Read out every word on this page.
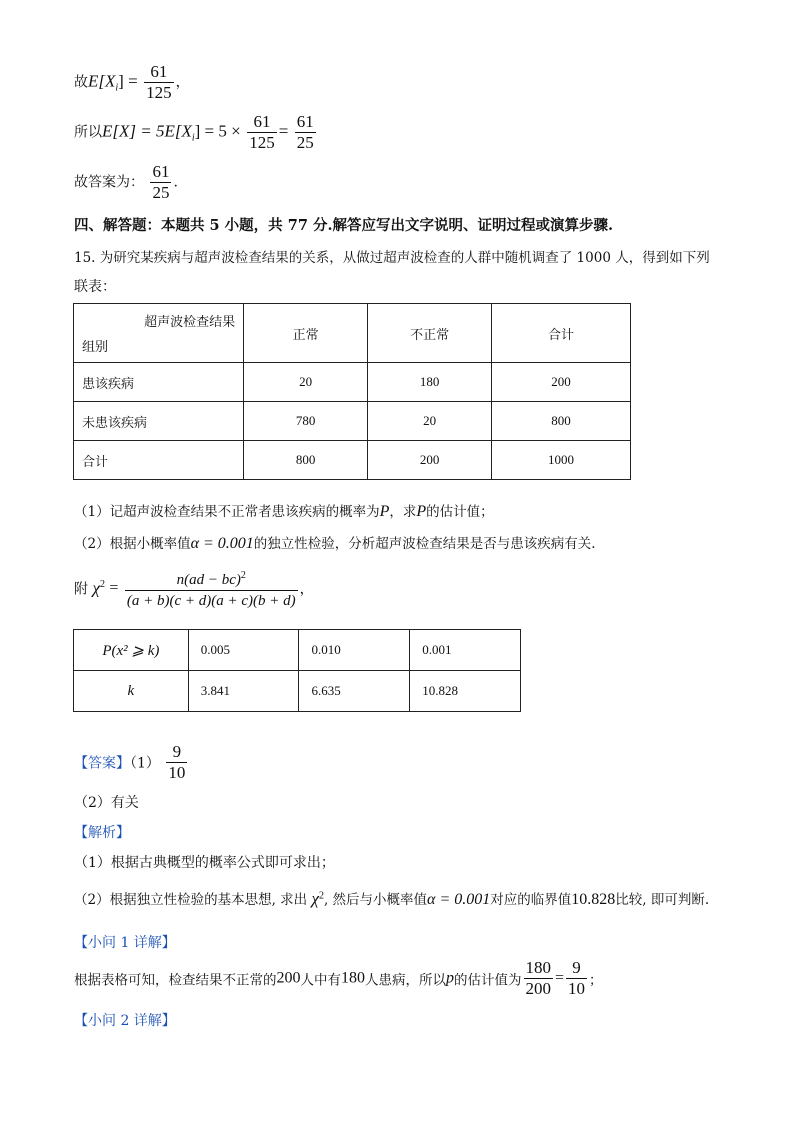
故$E[X_i] = \frac{61}{125}$ ，
所以$E[X] = 5E[X_i] = 5 \times \frac{61}{125} = \frac{61}{25}$
故答案为： $\frac{61}{25}$ .
四、解答题：本题共 5 小题，共 77 分.解答应写出文字说明、证明过程或演算步骤.
15. 为研究某疾病与超声波检查结果的关系，从做过超声波检查的人群中随机调查了 1000 人，得到如下列
联表：
超声波检查结果
组别	正常	不正常	合计
患该疾病	20	180	200
未患该疾病	780	20	800
合计	800	200	1000
（1）记超声波检查结果不正常者患该疾病的概率为P，求P的估计值；
（2）根据小概率值α = 0.001的独立性检验，分析超声波检查结果是否与患该疾病有关.
附 $\chi^2 = \frac{n(ad - bc)^2}{(a + b)(c + d)(a + c)(b + d)}$ ，
P(x² ⩾ k)	0.005	0.010	0.001
k	3.841	6.635	10.828
【答案】$(1) \frac{9}{10}$
（2）有关
【解析】
（1）根据古典概型的概率公式即可求出；
（2）根据独立性检验的基本思想, 求出 $\chi^2$, 然后与小概率值α = 0.001对应的临界值10.828比较, 即可判断.
【小问 1 详解】
根据表格可知，检查结果不正常的200人中有180人患病，所以p的估计值为 $\frac{180}{200} = \frac{9}{10}$ ；
【小问 2 详解】
